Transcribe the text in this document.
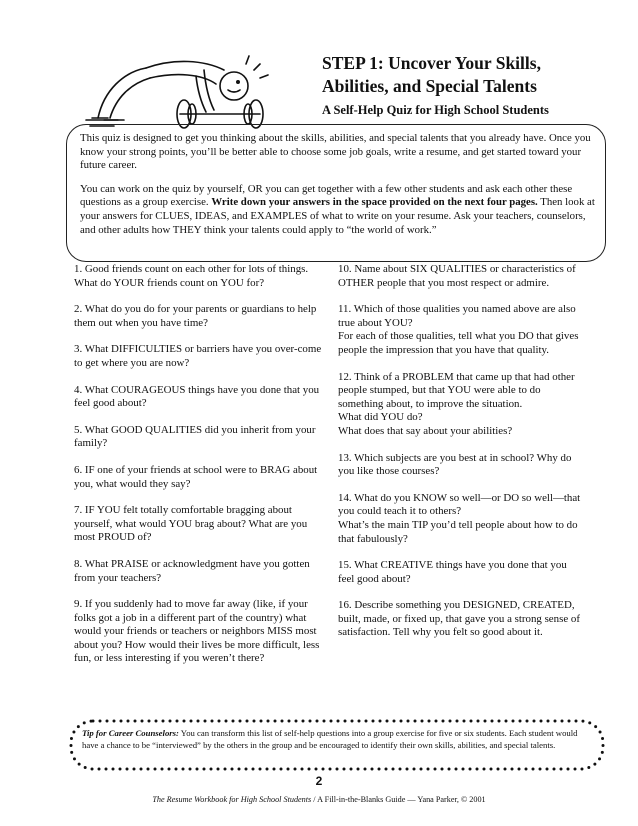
STEP 1: Uncover Your Skills,
Abilities, and Special Talents
A Self-Help Quiz for High School Students

This quiz is designed to get you thinking about the skills, abilities, and special talents that you already have. Once you know your strong points, you’ll be better able to choose some job goals, write a resume, and get started toward your future career.

You can work on the quiz by yourself, OR you can get together with a few other students and ask each other these questions as a group exercise. Write down your answers in the space provided on the next four pages. Then look at your answers for CLUES, IDEAS, and EXAMPLES of what to write on your resume. Ask your teachers, counselors, and other adults how THEY think your talents could apply to “the world of work.”

1. Good friends count on each other for lots of things. What do YOUR friends count on YOU for?

2. What do you do for your parents or guardians to help them out when you have time?

3. What DIFFICULTIES or barriers have you over-come to get where you are now?

4. What COURAGEOUS things have you done that you feel good about?

5. What GOOD QUALITIES did you inherit from your family?

6. IF one of your friends at school were to BRAG about you, what would they say?

7. IF YOU felt totally comfortable bragging about yourself, what would YOU brag about? What are you most PROUD of?

8. What PRAISE or acknowledgment have you gotten from your teachers?

9. If you suddenly had to move far away (like, if your folks got a job in a different part of the country) what would your friends or teachers or neighbors MISS most about you? How would their lives be more difficult, less fun, or less interesting if you weren’t there?

10. Name about SIX QUALITIES or characteristics of OTHER people that you most respect or admire.

11. Which of those qualities you named above are also true about YOU?
For each of those qualities, tell what you DO that gives people the impression that you have that quality.

12. Think of a PROBLEM that came up that had other people stumped, but that YOU were able to do something about, to improve the situation.
What did YOU do?
What does that say about your abilities?

13. Which subjects are you best at in school? Why do you like those courses?

14. What do you KNOW so well—or DO so well—that you could teach it to others?
What’s the main TIP you’d tell people about how to do that fabulously?

15. What CREATIVE things have you done that you feel good about?

16. Describe something you DESIGNED, CREATED, built, made, or fixed up, that gave you a strong sense of satisfaction. Tell why you felt so good about it.

Tip for Career Counselors: You can transform this list of self-help questions into a group exercise for five or six students. Each student would have a chance to be “interviewed” by the others in the group and be encouraged to identify their own skills, abilities, and special talents.
2
The Resume Workbook for High School Students / A Fill-in-the-Blanks Guide — Yana Parker, © 2001
